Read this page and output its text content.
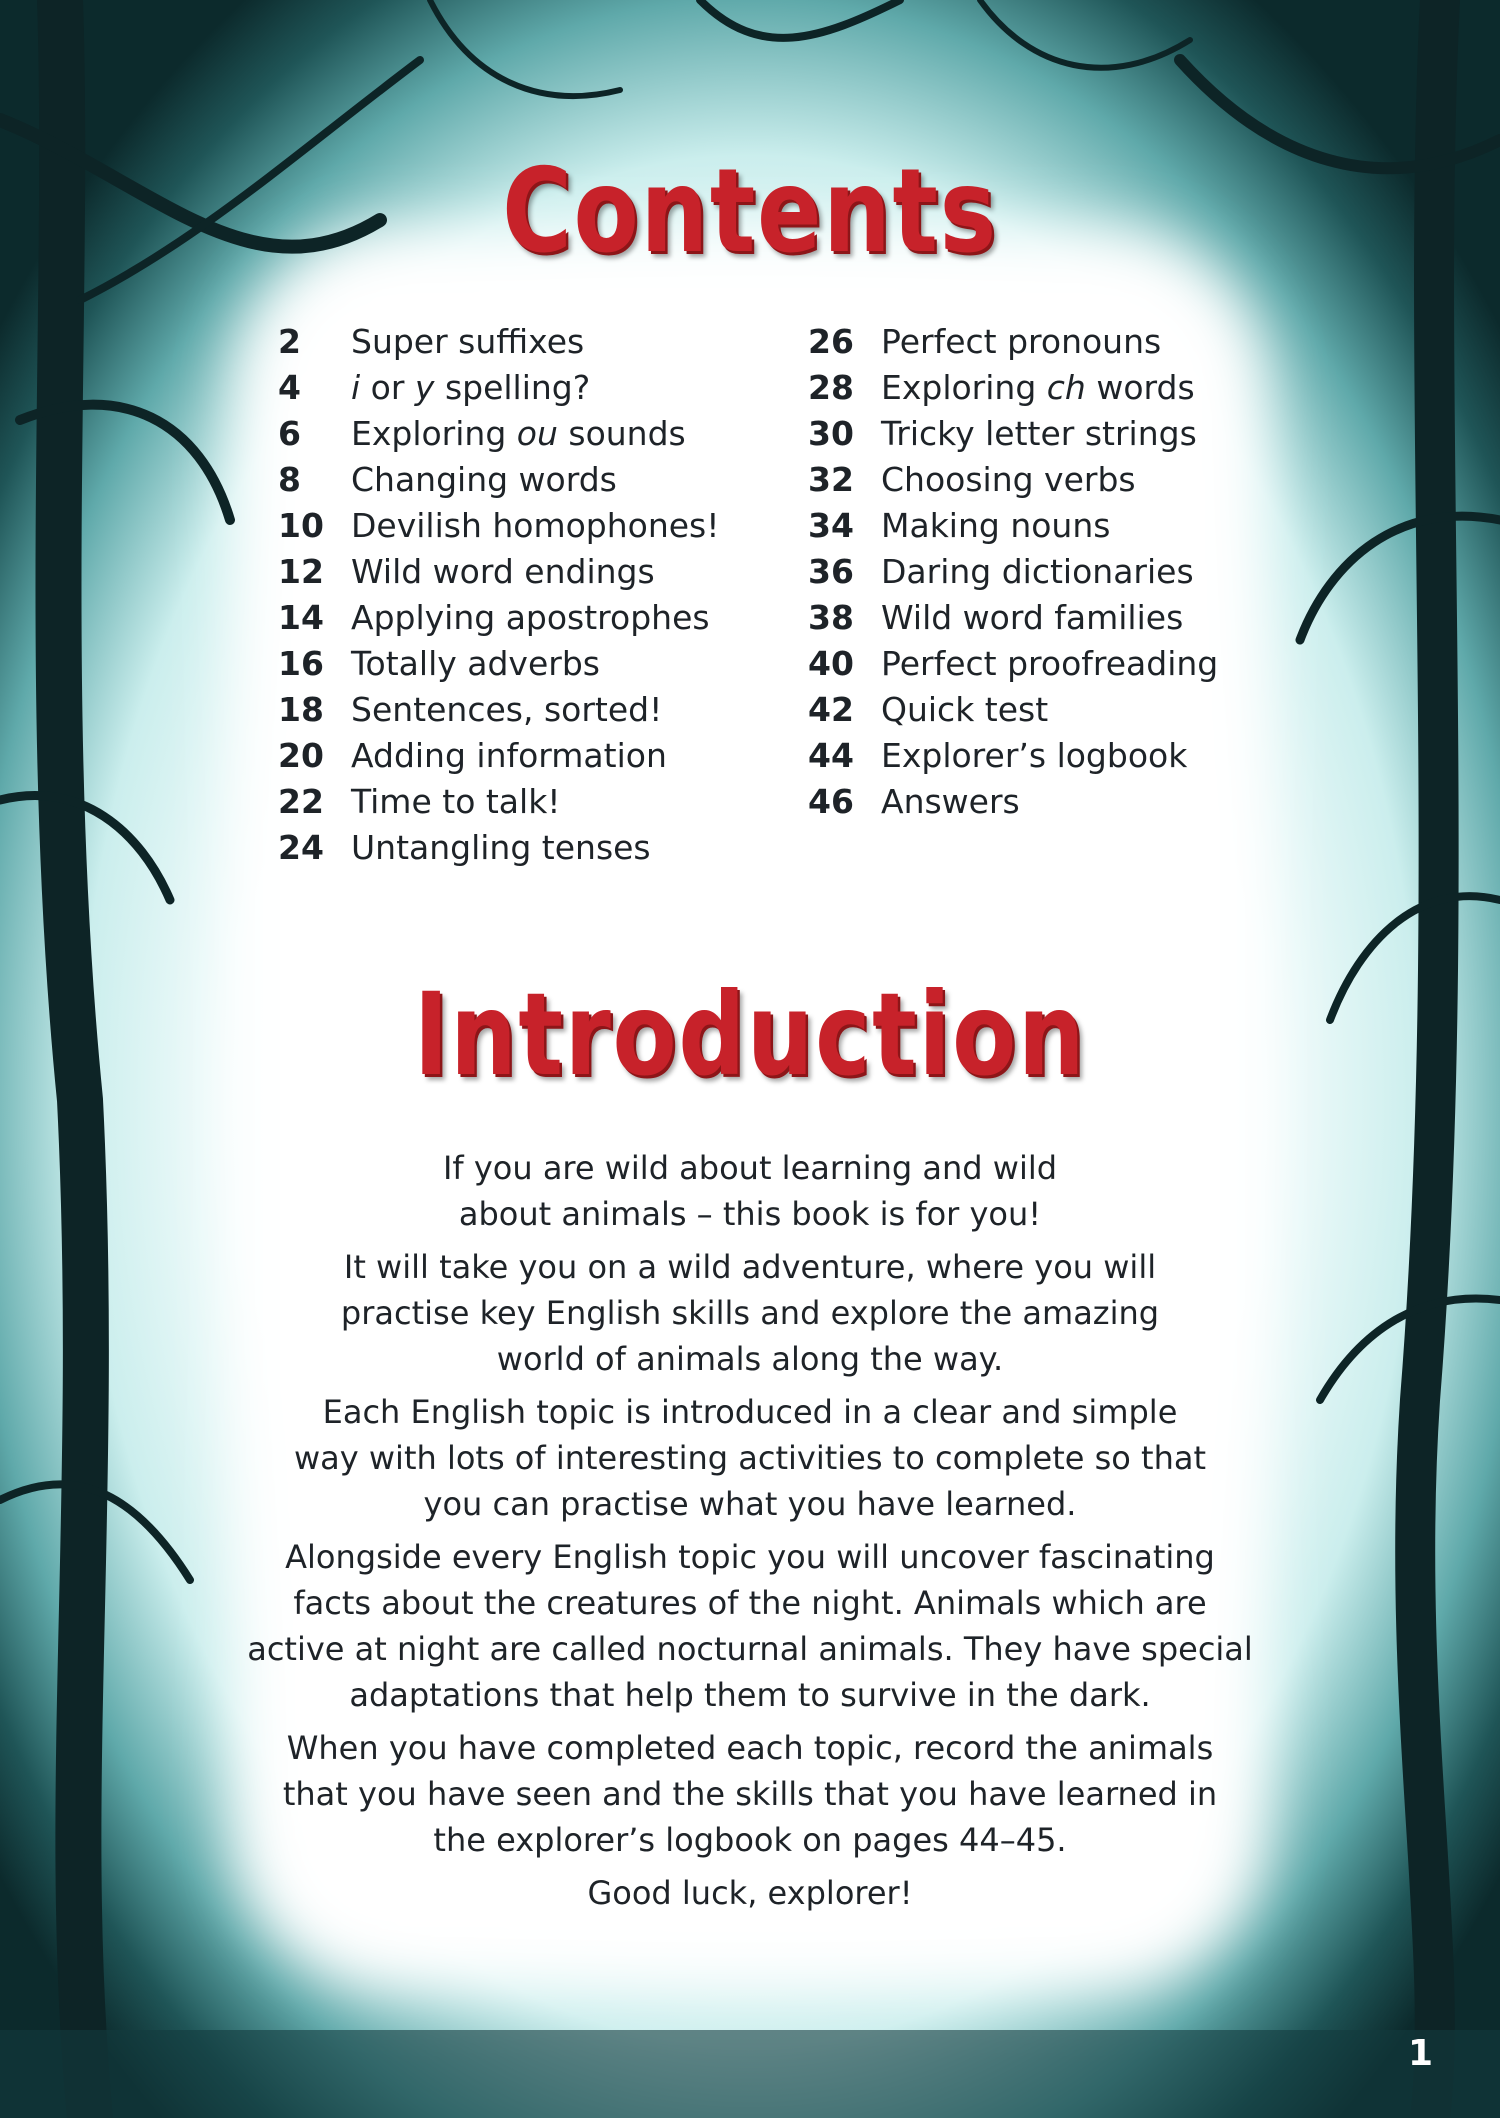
Contents
2	Super suffixes
4	i or y spelling?
6	Exploring ou sounds
8	Changing words
10 Devilish homophones!
12 Wild word endings
14 Applying apostrophes
16 Totally adverbs
18 Sentences, sorted!
20 Adding information
22 Time to talk!
24 Untangling tenses
26 Perfect pronouns
28 Exploring ch words
30 Tricky letter strings
32 Choosing verbs
34 Making nouns
36 Daring dictionaries
38 Wild word families
40 Perfect proofreading
42 Quick test
44 Explorer’s logbook
46 Answers
Introduction

If you are wild about learning and wild
about animals – this book is for you!

It will take you on a wild adventure, where you will
practise key English skills and explore the amazing
world of animals along the way.

Each English topic is introduced in a clear and simple
way with lots of interesting activities to complete so that
you can practise what you have learned.

Alongside every English topic you will uncover fascinating
facts about the creatures of the night. Animals which are
active at night are called nocturnal animals. They have special
adaptations that help them to survive in the dark.

When you have completed each topic, record the animals
that you have seen and the skills that you have learned in
the explorer’s logbook on pages 44–45.

Good luck, explorer!

1
